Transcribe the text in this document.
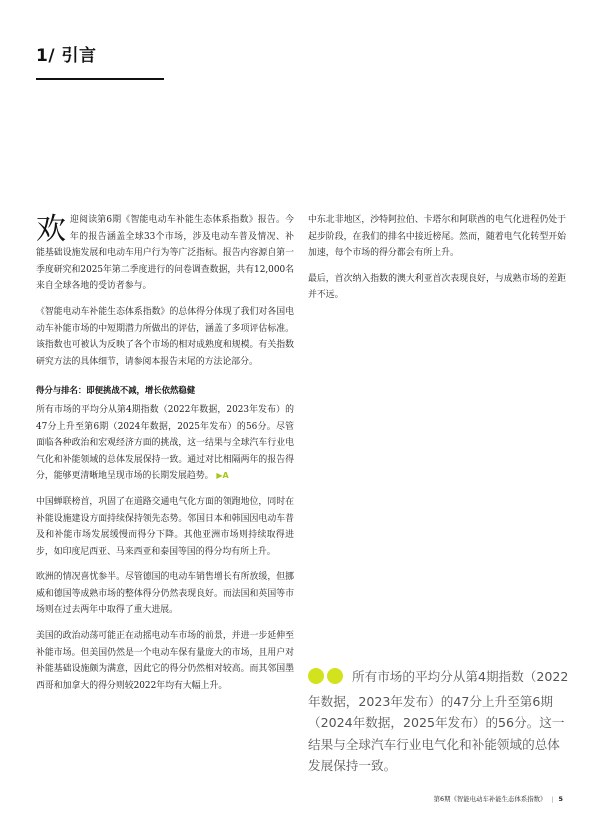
1/ 引言

欢迎阅读第6期《智能电动车补能生态体系指数》报告。今年的报告涵盖全球33个市场，涉及电动车普及情况、补能基础设施发展和电动车用户行为等广泛指标。报告内容源自第一季度研究和2025年第二季度进行的问卷调查数据，共有12,000名来自全球各地的受访者参与。

《智能电动车补能生态体系指数》的总体得分体现了我们对各国电动车补能市场的中短期潜力所做出的评估，涵盖了多项评估标准。该指数也可被认为反映了各个市场的相对成熟度和规模。有关指数研究方法的具体细节，请参阅本报告末尾的方法论部分。

得分与排名：即便挑战不减，增长依然稳健

所有市场的平均分从第4期指数（2022年数据，2023年发布）的47分上升至第6期（2024年数据，2025年发布）的56分。尽管面临各种政治和宏观经济方面的挑战，这一结果与全球汽车行业电气化和补能领域的总体发展保持一致。通过对比相隔两年的报告得分，能够更清晰地呈现市场的长期发展趋势。 ▶A

中国蝉联榜首，巩固了在道路交通电气化方面的领跑地位，同时在补能设施建设方面持续保持领先态势。邻国日本和韩国因电动车普及和补能市场发展缓慢而得分下降。其他亚洲市场则持续取得进步，如印度尼西亚、马来西亚和泰国等国的得分均有所上升。

欧洲的情况喜忧参半。尽管德国的电动车销售增长有所放缓，但挪威和德国等成熟市场的整体得分仍然表现良好。而法国和英国等市场则在过去两年中取得了重大进展。

美国的政治动荡可能正在动摇电动车市场的前景，并进一步延伸至补能市场。但美国仍然是一个电动车保有量庞大的市场，且用户对补能基础设施颇为满意，因此它的得分仍然相对较高。而其邻国墨西哥和加拿大的得分则较2022年均有大幅上升。

中东北非地区，沙特阿拉伯、卡塔尔和阿联酋的电气化进程仍处于起步阶段，在我们的排名中接近榜尾。然而，随着电气化转型开始加速，每个市场的得分都会有所上升。

最后，首次纳入指数的澳大利亚首次表现良好，与成熟市场的差距并不远。

所有市场的平均分从第4期指数（2022年数据，2023年发布）的47分上升至第6期（2024年数据，2025年发布）的56分。这一结果与全球汽车行业电气化和补能领域的总体发展保持一致。
第6期《智能电动车补能生态体系指数》 | 5
